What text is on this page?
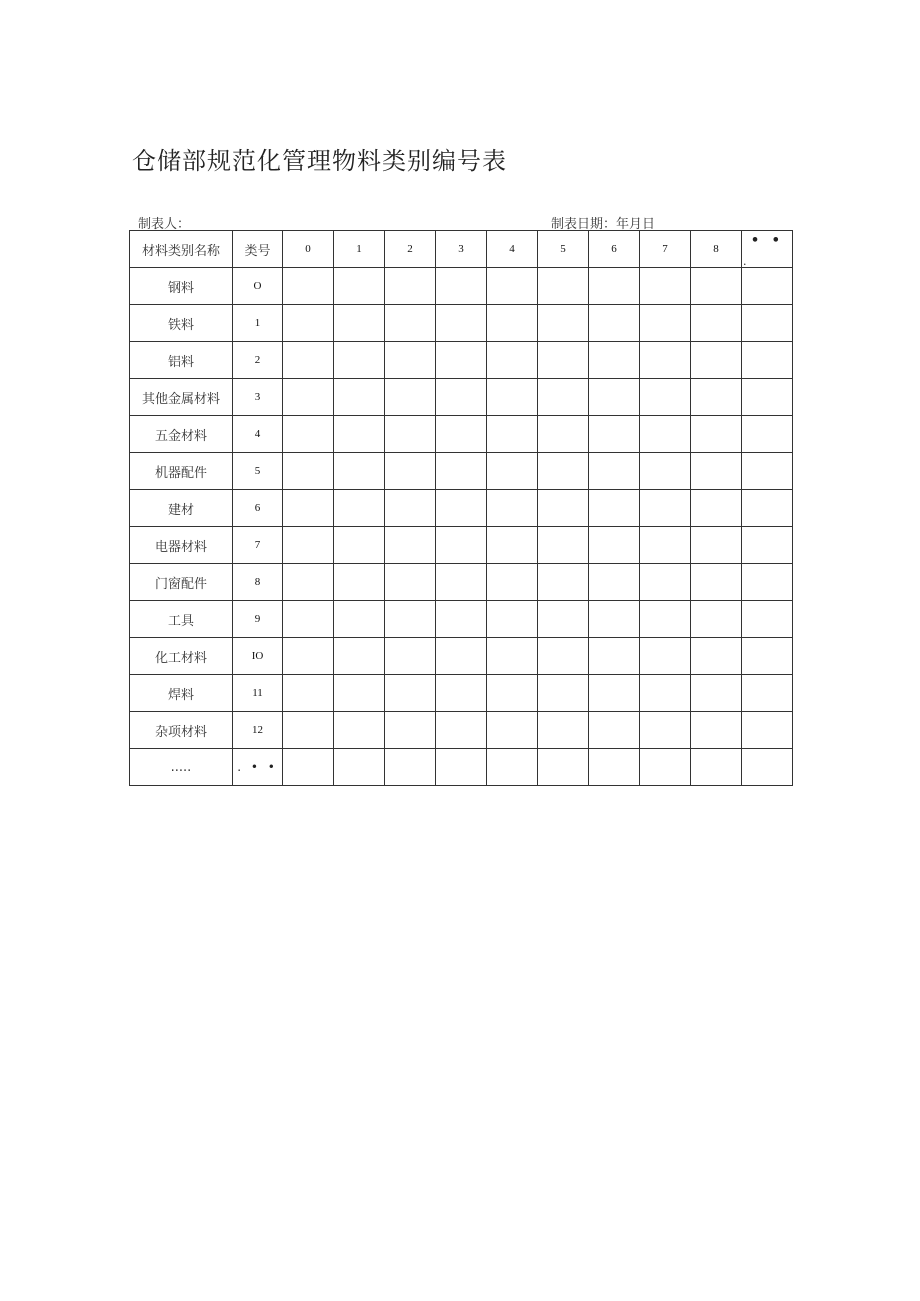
仓储部规范化管理物料类别编号表
制表人：	制表日期：年月日
材料类别名称	类号	0	1	2	3	4	5	6	7	8	• •
.

钢料	O										
铁料	1										
铝料	2										
其他金属材料	3										
五金材料	4										
机器配件	5										
建材	6										
电器材料	7										
门窗配件	8										
工具	9										
化工材料	IO										
焊料	11										
杂项材料	12										
.....	. • •										
